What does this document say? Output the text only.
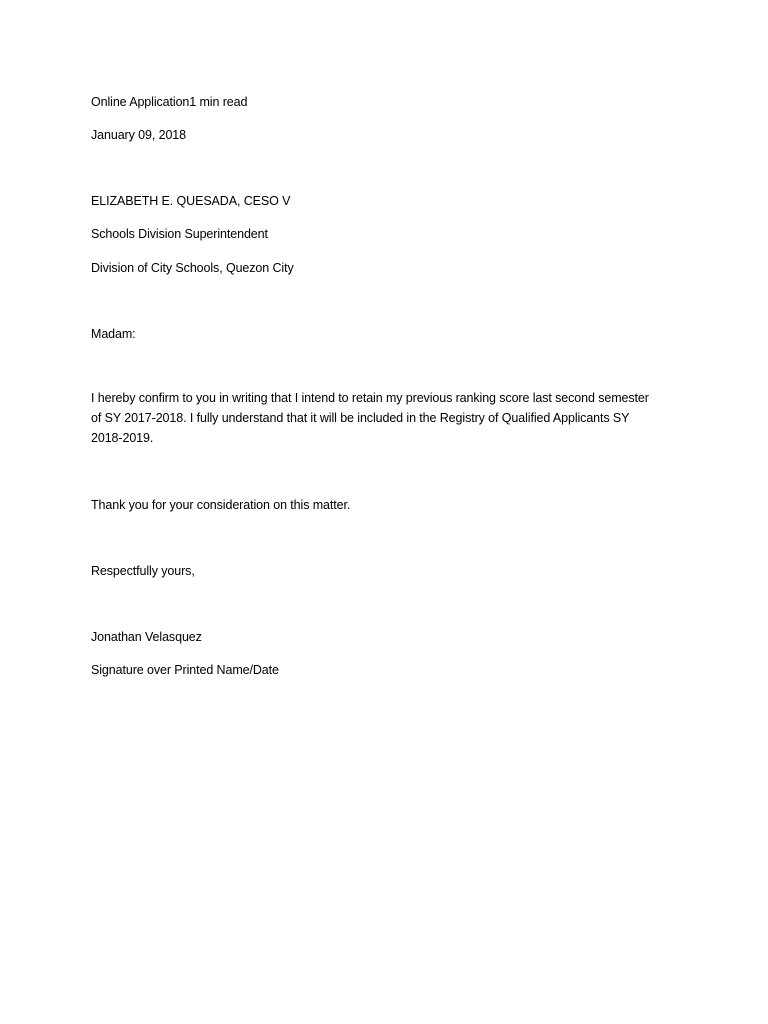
Online Application1 min read
January 09, 2018
ELIZABETH E. QUESADA, CESO V
Schools Division Superintendent
Division of City Schools, Quezon City
Madam:
I hereby confirm to you in writing that I intend to retain my previous ranking score last second semester of SY 2017-2018. I fully understand that it will be included in the Registry of Qualified Applicants SY 2018-2019.
Thank you for your consideration on this matter.
Respectfully yours,
Jonathan Velasquez
Signature over Printed Name/Date
